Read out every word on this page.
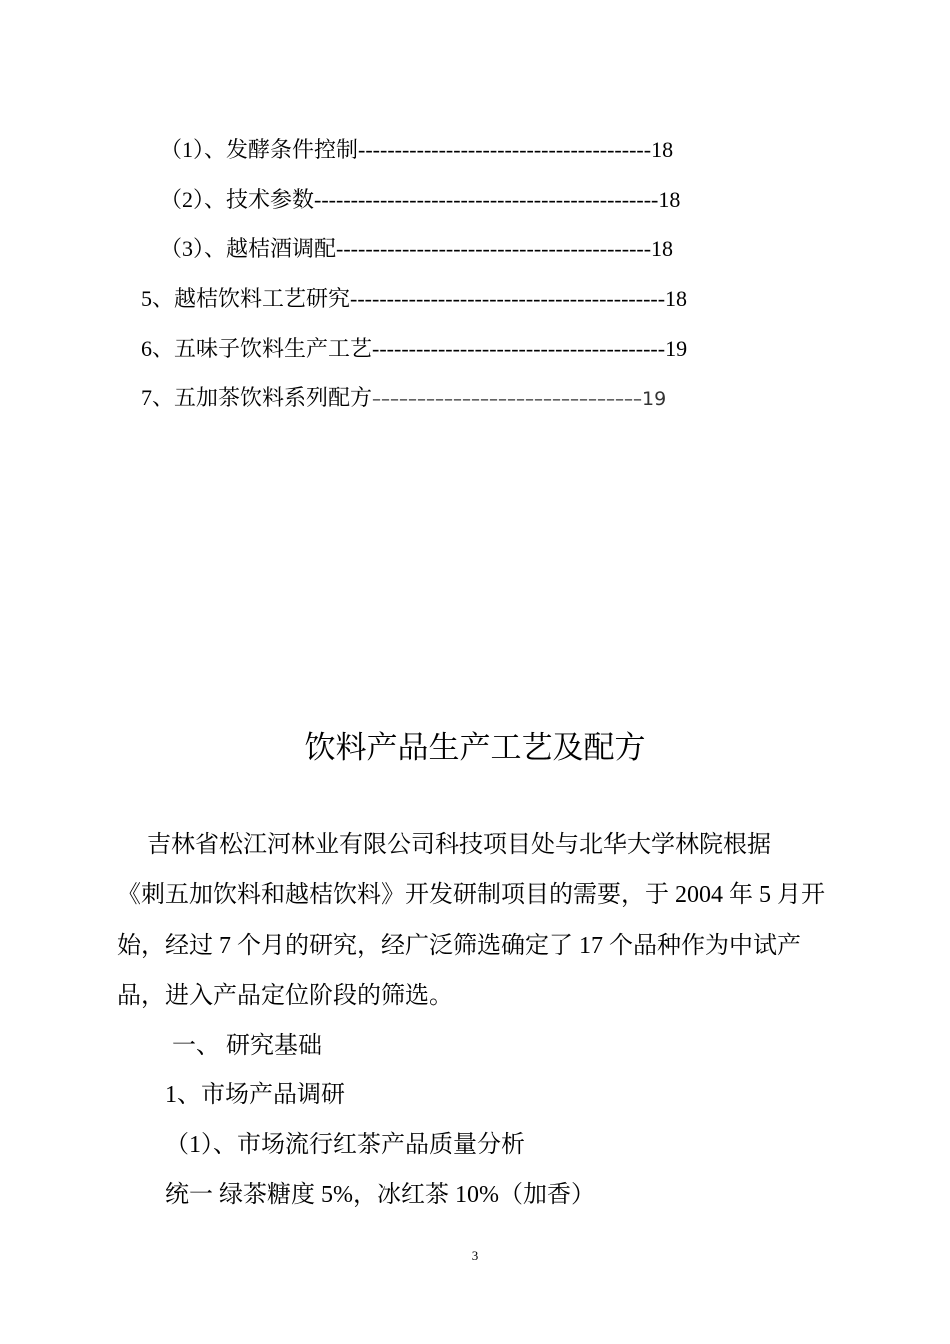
（1）、发酵条件控制 ---------------------------------------- 18
（2）、技术参数 ----------------------------------------------- 18
（3）、越桔酒调配 ------------------------------------------- 18
5、越桔饮料工艺研究 ------------------------------------------- 18
6、五味子饮料生产工艺 ---------------------------------------- 19
7、五加茶饮料系列配方 –––––––––––––––––––––––––––––– 19
饮料产品生产工艺及配方
吉林省松江河林业有限公司科技项目处与北华大学林院根据
《刺五加饮料和越桔饮料》开发研制项目的需要，于 2004 年 5 月开
始，经过 7 个月的研究，经广泛筛选确定了 17 个品种作为中试产
品，进入产品定位阶段的筛选。
一、 研究基础
1、市场产品调研
（1）、市场流行红茶产品质量分析
统一 绿茶糖度 5%，冰红茶 10%（加香）
3
